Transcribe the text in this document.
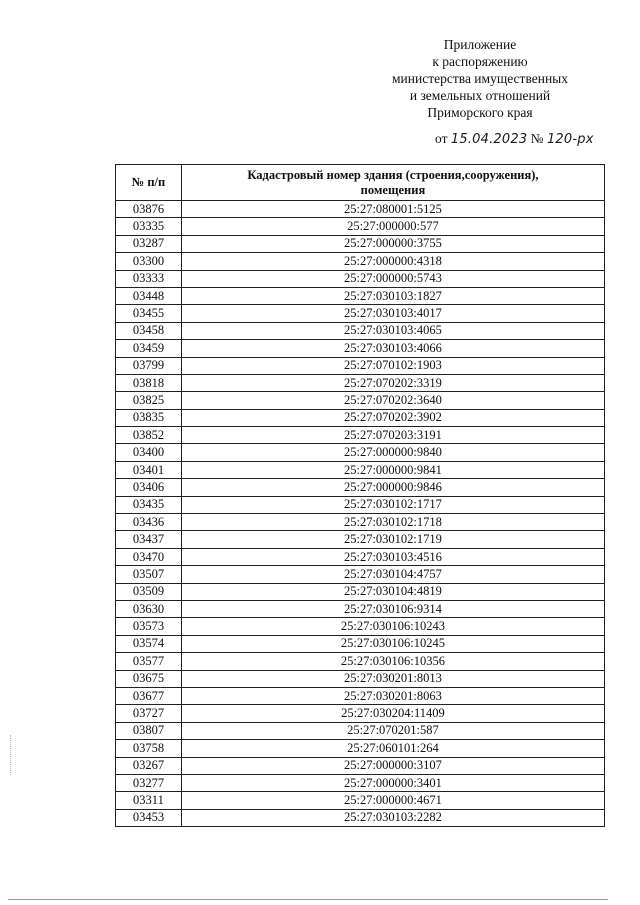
Приложение
к распоряжению
министерства имущественных
и земельных отношений
Приморского края
от 15.04.2023 № 120-рх
№ п/п	Кадастровый номер здания (строения,сооружения),
помещения

03876	25:27:080001:5125
03335	25:27:000000:577
03287	25:27:000000:3755
03300	25:27:000000:4318
03333	25:27:000000:5743
03448	25:27:030103:1827
03455	25:27:030103:4017
03458	25:27:030103:4065
03459	25:27:030103:4066
03799	25:27:070102:1903
03818	25:27:070202:3319
03825	25:27:070202:3640
03835	25:27:070202:3902
03852	25:27:070203:3191
03400	25:27:000000:9840
03401	25:27:000000:9841
03406	25:27:000000:9846
03435	25:27:030102:1717
03436	25:27:030102:1718
03437	25:27:030102:1719
03470	25:27:030103:4516
03507	25:27:030104:4757
03509	25:27:030104:4819
03630	25:27:030106:9314
03573	25:27:030106:10243
03574	25:27:030106:10245
03577	25:27:030106:10356
03675	25:27:030201:8013
03677	25:27:030201:8063
03727	25:27:030204:11409
03807	25:27:070201:587
03758	25:27:060101:264
03267	25:27:000000:3107
03277	25:27:000000:3401
03311	25:27:000000:4671
03453	25:27:030103:2282
